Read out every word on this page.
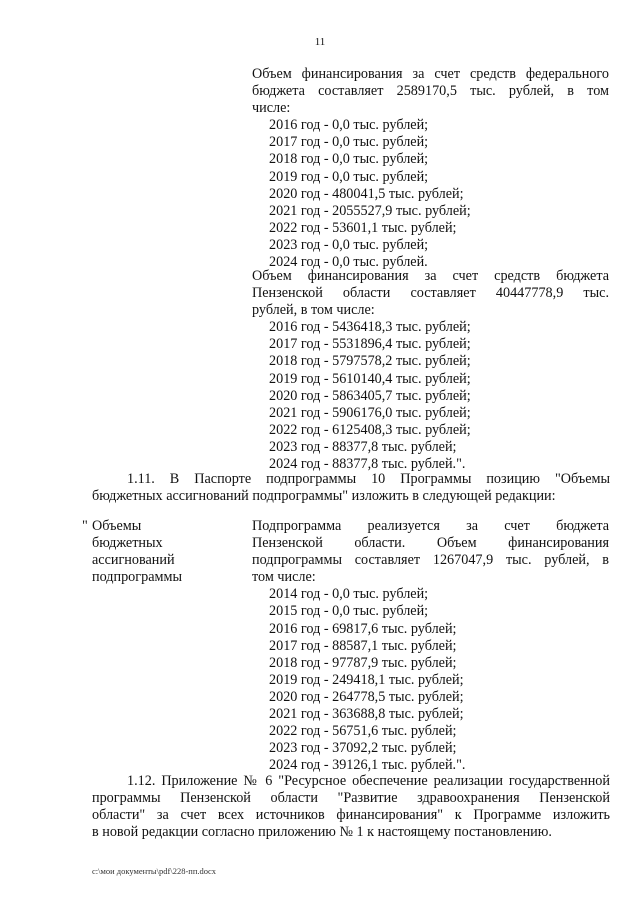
11
Объем финансирования за счет средств федерального
бюджета составляет 2589170,5 тыс. рублей, в том
числе:
2016 год - 0,0 тыс. рублей;
2017 год - 0,0 тыс. рублей;
2018 год - 0,0 тыс. рублей;
2019 год - 0,0 тыс. рублей;
2020 год - 480041,5 тыс. рублей;
2021 год - 2055527,9 тыс. рублей;
2022 год - 53601,1 тыс. рублей;
2023 год - 0,0 тыс. рублей;
2024 год - 0,0 тыс. рублей.
Объем финансирования за счет средств бюджета
Пензенской области составляет 40447778,9 тыс.
рублей, в том числе:
2016 год - 5436418,3 тыс. рублей;
2017 год - 5531896,4 тыс. рублей;
2018 год - 5797578,2 тыс. рублей;
2019 год - 5610140,4 тыс. рублей;
2020 год - 5863405,7 тыс. рублей;
2021 год - 5906176,0 тыс. рублей;
2022 год - 6125408,3 тыс. рублей;
2023 год - 88377,8 тыс. рублей;
2024 год - 88377,8 тыс. рублей.".
1.11. В Паспорте подпрограммы 10 Программы позицию "Объемы
бюджетных ассигнований подпрограммы" изложить в следующей редакции:
" Объемы
бюджетных
ассигнований
подпрограммы
Подпрограмма реализуется за счет бюджета
Пензенской области. Объем финансирования
подпрограммы составляет 1267047,9 тыс. рублей, в
том числе:
2014 год - 0,0 тыс. рублей;
2015 год - 0,0 тыс. рублей;
2016 год - 69817,6 тыс. рублей;
2017 год - 88587,1 тыс. рублей;
2018 год - 97787,9 тыс. рублей;
2019 год - 249418,1 тыс. рублей;
2020 год - 264778,5 тыс. рублей;
2021 год - 363688,8 тыс. рублей;
2022 год - 56751,6 тыс. рублей;
2023 год - 37092,2 тыс. рублей;
2024 год - 39126,1 тыс. рублей.".
1.12. Приложение № 6 "Ресурсное обеспечение реализации государственной
программы Пензенской области "Развитие здравоохранения Пензенской
области" за счет всех источников финансирования" к Программе изложить
в новой редакции согласно приложению № 1 к настоящему постановлению.
c:\мои документы\pdf\228-пп.docx
